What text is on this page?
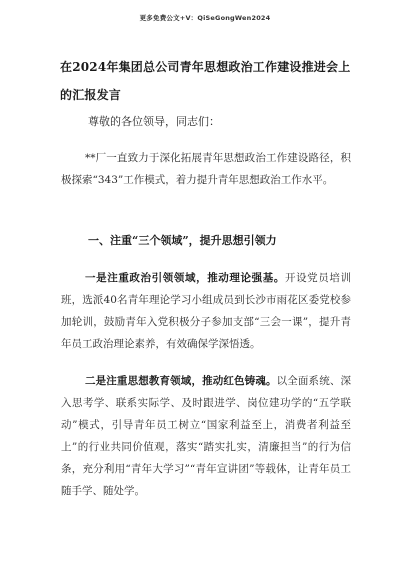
更多免费公文+V：QiSeGongWen2024
在2024年集团总公司青年思想政治工作建设推进会上的汇报发言
尊敬的各位领导，同志们：
**厂一直致力于深化拓展青年思想政治工作建设路径，积极探索“343”工作模式，着力提升青年思想政治工作水平。
一、注重“三个领域”，提升思想引领力
一是注重政治引领领域，推动理论强基。开设党员培训班，选派40名青年理论学习小组成员到长沙市雨花区委党校参加轮训，鼓励青年入党积极分子参加支部“三会一课”，提升青年员工政治理论素养，有效确保学深悟透。
二是注重思想教育领域，推动红色铸魂。以全面系统、深入思考学、联系实际学、及时跟进学、岗位建功学的“五学联动”模式，引导青年员工树立“国家利益至上，消费者利益至上”的行业共同价值观，落实“踏实扎实，清廉担当”的行为信条，充分利用“青年大学习”“青年宣讲团”等载体，让青年员工随手学、随处学。
